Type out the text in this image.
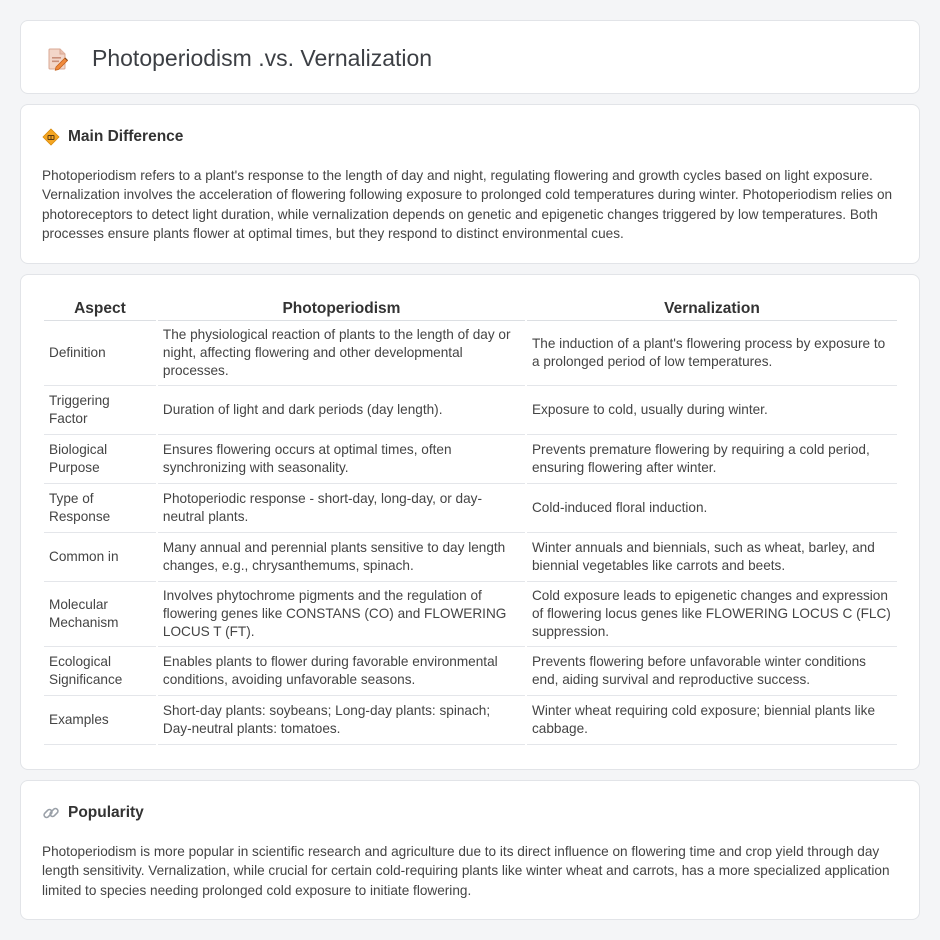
Photoperiodism .vs. Vernalization
Main Difference

Photoperiodism refers to a plant's response to the length of day and night, regulating flowering and growth cycles based on light exposure. Vernalization involves the acceleration of flowering following exposure to prolonged cold temperatures during winter. Photoperiodism relies on photoreceptors to detect light duration, while vernalization depends on genetic and epigenetic changes triggered by low temperatures. Both processes ensure plants flower at optimal times, but they respond to distinct environmental cues.

Aspect	Photoperiodism	Vernalization
Definition	The physiological reaction of plants to the length of day or night, affecting flowering and other developmental processes.	The induction of a plant's flowering process by exposure to a prolonged period of low temperatures.
Triggering Factor	Duration of light and dark periods (day length).	Exposure to cold, usually during winter.
Biological Purpose	Ensures flowering occurs at optimal times, often synchronizing with seasonality.	Prevents premature flowering by requiring a cold period, ensuring flowering after winter.
Type of Response	Photoperiodic response - short-day, long-day, or day-neutral plants.	Cold-induced floral induction.
Common in	Many annual and perennial plants sensitive to day length changes, e.g., chrysanthemums, spinach.	Winter annuals and biennials, such as wheat, barley, and biennial vegetables like carrots and beets.
Molecular Mechanism	Involves phytochrome pigments and the regulation of flowering genes like CONSTANS (CO) and FLOWERING LOCUS T (FT).	Cold exposure leads to epigenetic changes and expression of flowering locus genes like FLOWERING LOCUS C (FLC) suppression.
Ecological Significance	Enables plants to flower during favorable environmental conditions, avoiding unfavorable seasons.	Prevents flowering before unfavorable winter conditions end, aiding survival and reproductive success.
Examples	Short-day plants: soybeans; Long-day plants: spinach; Day-neutral plants: tomatoes.	Winter wheat requiring cold exposure; biennial plants like cabbage.
Popularity

Photoperiodism is more popular in scientific research and agriculture due to its direct influence on flowering time and crop yield through day length sensitivity. Vernalization, while crucial for certain cold-requiring plants like winter wheat and carrots, has a more specialized application limited to species needing prolonged cold exposure to initiate flowering.
